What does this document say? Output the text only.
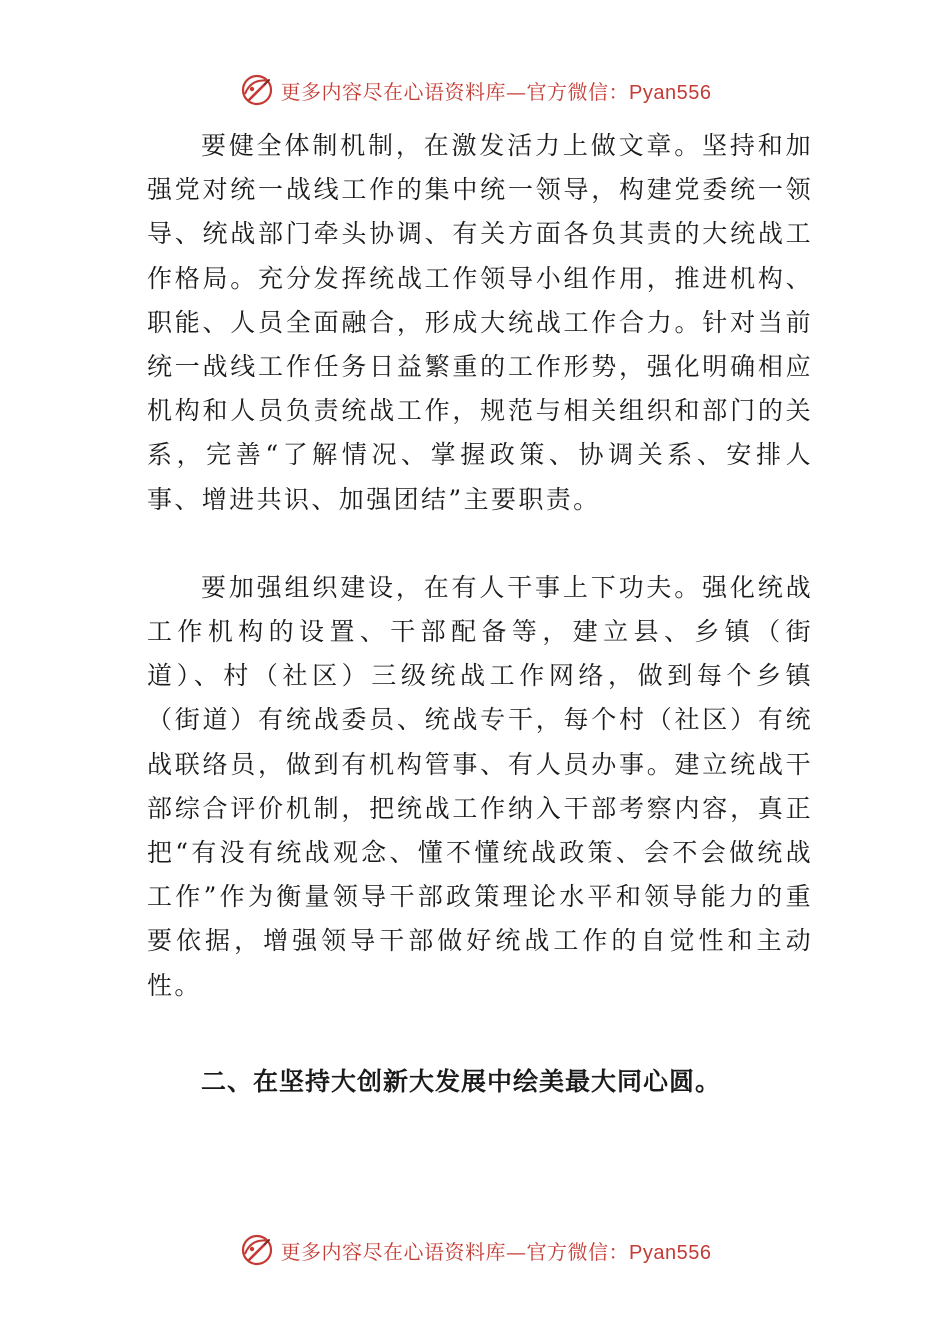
更多内容尽在心语资料库—官方微信：Pyan556

要健全体制机制，在激发活力上做文章。坚持和加强党对统一战线工作的集中统一领导，构建党委统一领导、统战部门牵头协调、有关方面各负其责的大统战工作格局。充分发挥统战工作领导小组作用，推进机构、职能、人员全面融合，形成大统战工作合力。针对当前统一战线工作任务日益繁重的工作形势，强化明确相应机构和人员负责统战工作，规范与相关组织和部门的关系，完善“了解情况、掌握政策、协调关系、安排人事、增进共识、加强团结”主要职责。

要加强组织建设，在有人干事上下功夫。强化统战工作机构的设置、干部配备等，建立县、乡镇（街道）、村（社区）三级统战工作网络，做到每个乡镇（街道）有统战委员、统战专干，每个村（社区）有统战联络员，做到有机构管事、有人员办事。建立统战干部综合评价机制，把统战工作纳入干部考察内容，真正把“有没有统战观念、懂不懂统战政策、会不会做统战工作”作为衡量领导干部政策理论水平和领导能力的重要依据，增强领导干部做好统战工作的自觉性和主动性。

二、在坚持大创新大发展中绘美最大同心圆。

更多内容尽在心语资料库—官方微信：Pyan556
